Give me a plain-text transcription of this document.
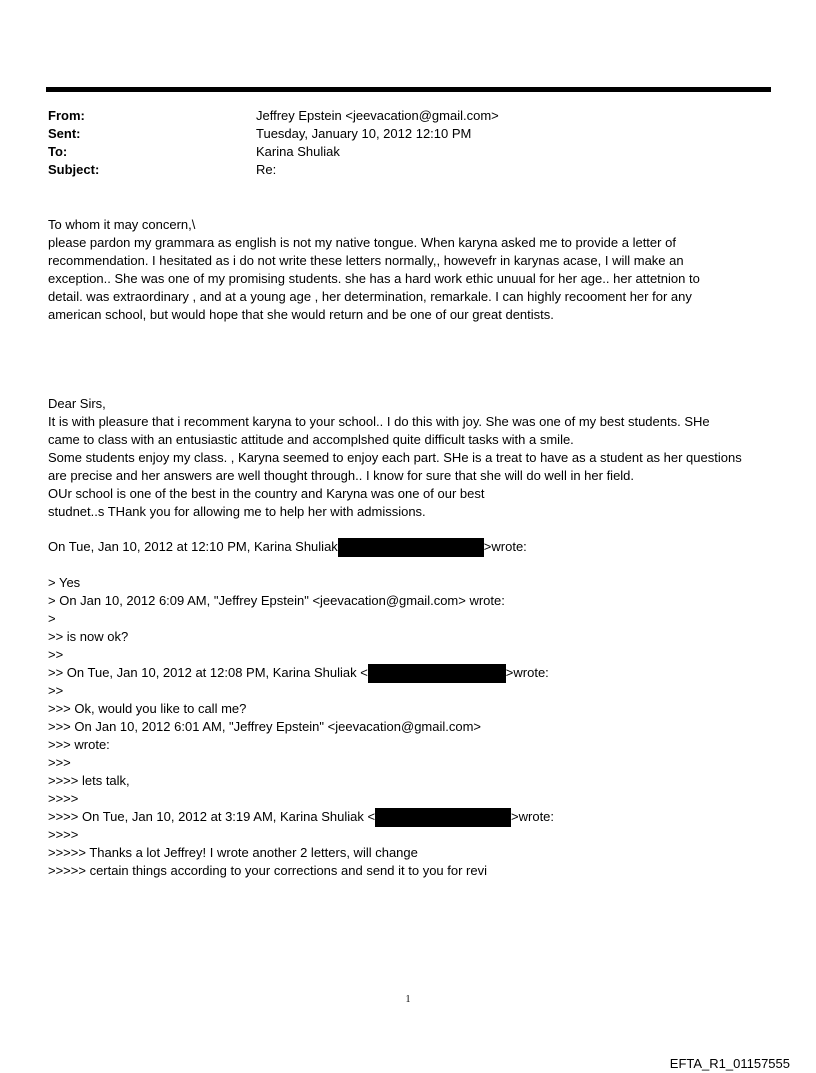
From:	Jeffrey Epstein <jeevacation@gmail.com>
Sent:	Tuesday, January 10, 2012 12:10 PM
To:	Karina Shuliak
Subject:	Re:
To whom it may concern,\
please pardon my grammara as english is not my native tongue. When karyna asked me to provide a letter of
recommendation. I hesitated as i do not write these letters normally,, howevefr in karynas acase, I will make an
exception.. She was one of my promising students. she has a hard work ethic unuual for her age.. her attetnion to
detail. was extraordinary , and at a young age , her determination, remarkale. I can highly recooment her for any
american school, but would hope that she would return and be one of our great dentists.
Dear Sirs,
It is with pleasure that i recomment karyna to your school.. I do this with joy. She was one of my best students. SHe
came to class with an entusiastic attitude and accomplshed quite difficult tasks with a smile.
Some students enjoy my class. , Karyna seemed to enjoy each part. SHe is a treat to have as a student as her questions
are precise and her answers are well thought through.. I know for sure that she will do well in her field.
OUr school is one of the best in the country and Karyna was one of our best
studnet..s THank you for allowing me to help her with admissions.
On Tue, Jan 10, 2012 at 12:10 PM, Karina Shuliak	>wrote:
> Yes
> On Jan 10, 2012 6:09 AM, "Jeffrey Epstein" <jeevacation@gmail.com> wrote:
>
>> is now ok?
>>
>> On Tue, Jan 10, 2012 at 12:08 PM, Karina Shuliak <	>wrote:
>>
>>> Ok, would you like to call me?
>>> On Jan 10, 2012 6:01 AM, "Jeffrey Epstein" <jeevacation@gmail.com>
>>> wrote:
>>>
>>>> lets talk,
>>>>
>>>> On Tue, Jan 10, 2012 at 3:19 AM, Karina Shuliak <	>wrote:
>>>>
>>>>> Thanks a lot Jeffrey! I wrote another 2 letters, will change
>>>>> certain things according to your corrections and send it to you for revi
1
EFTA_R1_01157555
